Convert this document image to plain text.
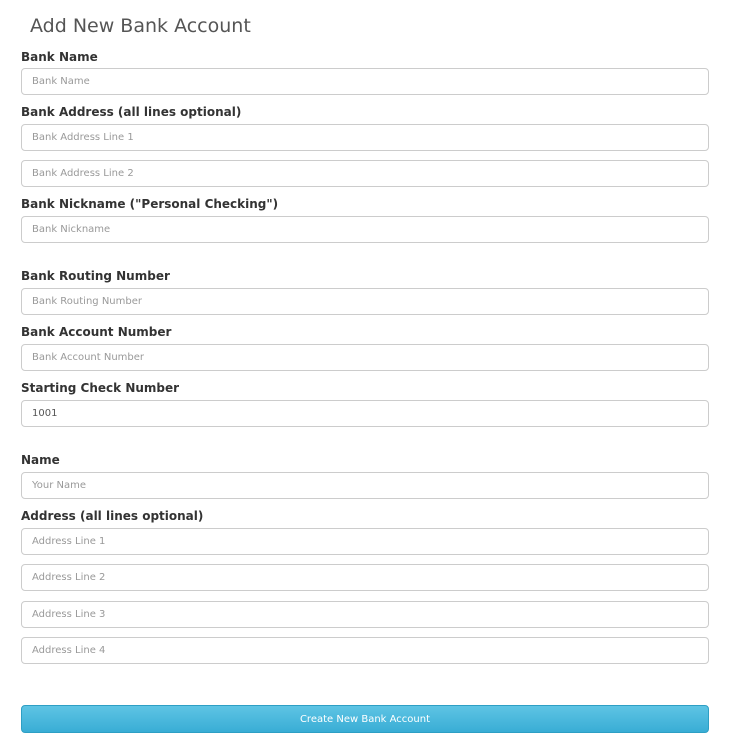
Add New Bank Account
Bank Name
Bank Name
Bank Address (all lines optional)
Bank Address Line 1
Bank Address Line 2
Bank Nickname ("Personal Checking")
Bank Nickname
Bank Routing Number
Bank Routing Number
Bank Account Number
Bank Account Number
Starting Check Number
1001
Name
Your Name
Address (all lines optional)
Address Line 1
Address Line 2
Address Line 3
Address Line 4
Create New Bank Account
